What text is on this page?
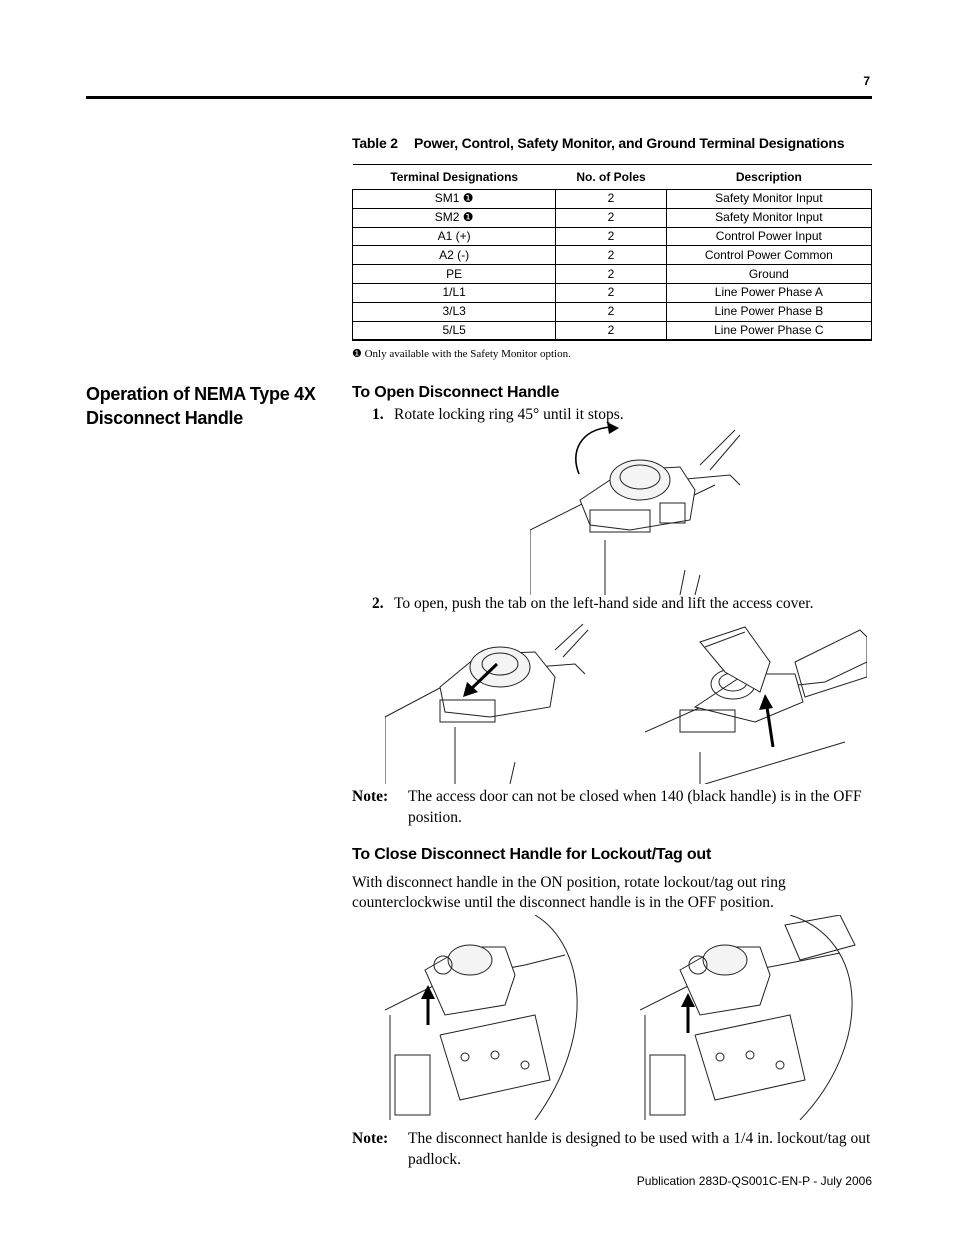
7
Table 2 Power, Control, Safety Monitor, and Ground Terminal Designations
Terminal Designations	No. of Poles	Description
SM1 ❶	2	Safety Monitor Input
SM2 ❶	2	Safety Monitor Input
A1 (+)	2	Control Power Input
A2 (-)	2	Control Power Common
PE	2	Ground
1/L1	2	Line Power Phase A
3/L3	2	Line Power Phase B
5/L5	2	Line Power Phase C
❶ Only available with the Safety Monitor option.
Operation of NEMA Type 4X Disconnect Handle
To Open Disconnect Handle
1. Rotate locking ring 45° until it stops.
2. To open, push the tab on the left-hand side and lift the access cover.
Note: The access door can not be closed when 140 (black handle) is in the OFF position.
To Close Disconnect Handle for Lockout/Tag out
With disconnect handle in the ON position, rotate lockout/tag out ring counterclockwise until the disconnect handle is in the OFF position.
Note: The disconnect hanlde is designed to be used with a 1/4 in. lockout/tag out padlock.
Publication 283D-QS001C-EN-P - July 2006
